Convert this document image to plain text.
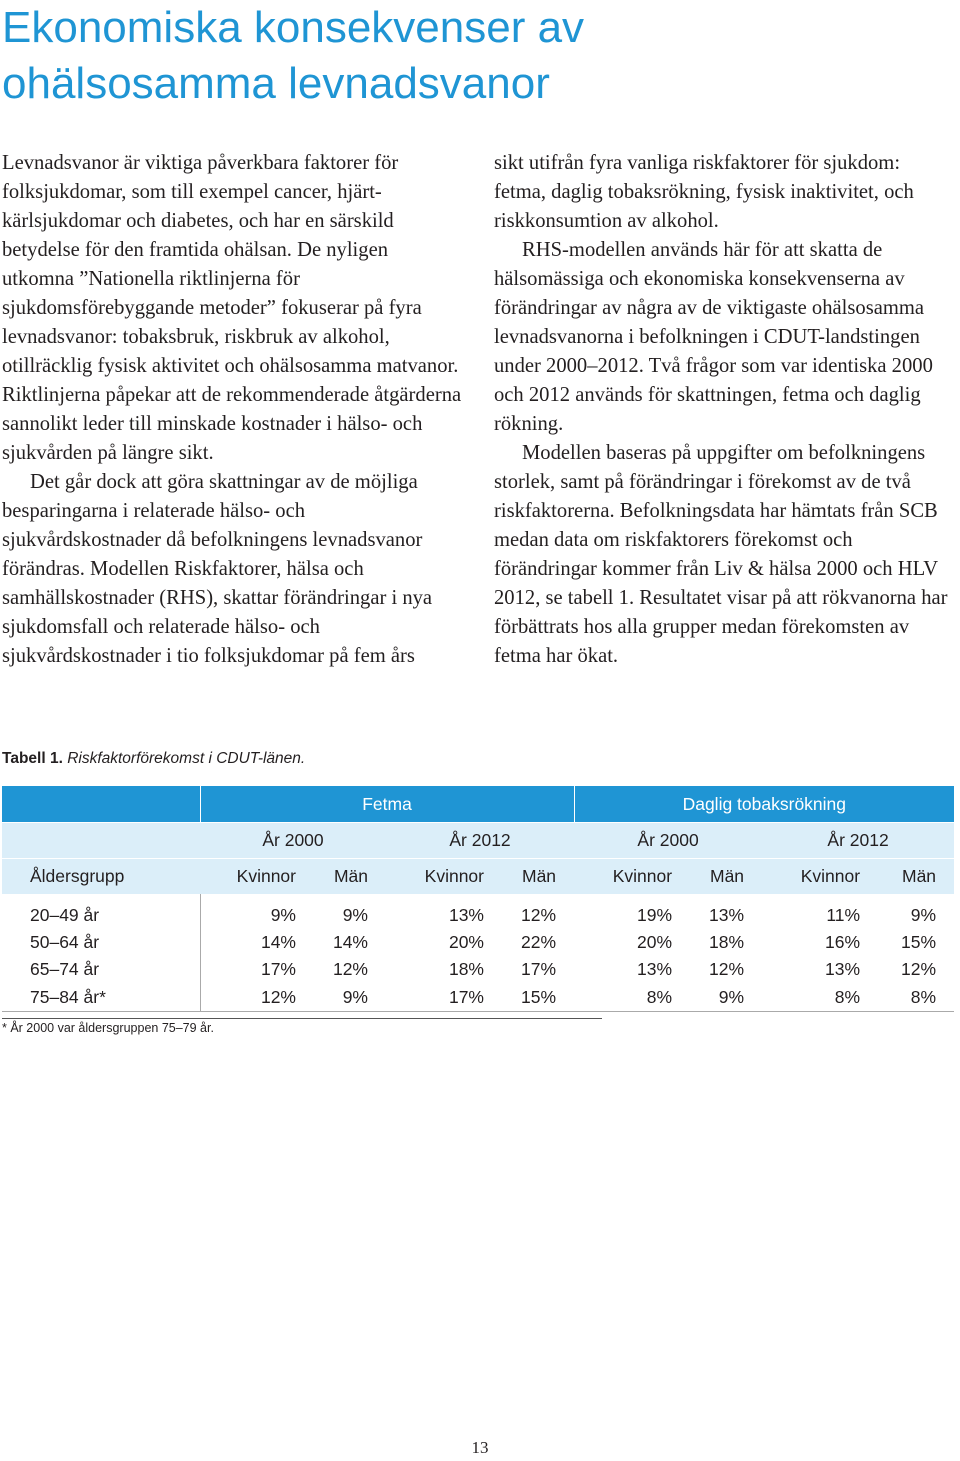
Ekonomiska konsekvenser av
ohälsosamma levnadsvanor

Levnadsvanor är viktiga påverkbara faktorer för folksjukdomar, som till exempel cancer, hjärt-kärlsjukdomar och diabetes, och har en särskild betydelse för den framtida ohälsan. De nyligen utkomna ”Nationella riktlinjerna för sjukdomsförebyggande metoder” fokuserar på fyra levnadsvanor: tobaksbruk, riskbruk av alkohol, otillräcklig fysisk aktivitet och ohälsosamma matvanor. Riktlinjerna påpekar att de rekommenderade åtgärderna sannolikt leder till minskade kostnader i hälso- och sjukvården på längre sikt.

Det går dock att göra skattningar av de möjliga besparingarna i relaterade hälso- och sjukvårdskostnader då befolkningens levnadsvanor förändras. Modellen Riskfaktorer, hälsa och samhällskostnader (RHS), skattar förändringar i nya sjukdomsfall och relaterade hälso- och sjukvårdskostnader i tio folksjukdomar på fem års

sikt utifrån fyra vanliga riskfaktorer för sjukdom: fetma, daglig tobaksrökning, fysisk inaktivitet, och riskkonsumtion av alkohol.

RHS-modellen används här för att skatta de hälsomässiga och ekonomiska konsekvenserna av förändringar av några av de viktigaste ohälsosamma levnadsvanorna i befolkningen i CDUT-landstingen under 2000–2012. Två frågor som var identiska 2000 och 2012 används för skattningen, fetma och daglig rökning.

Modellen baseras på uppgifter om befolkningens storlek, samt på förändringar i förekomst av de två riskfaktorerna. Befolkningsdata har hämtats från SCB medan data om riskfaktorers förekomst och förändringar kommer från Liv & hälsa 2000 och HLV 2012, se tabell 1. Resultatet visar på att rökvanorna har förbättrats hos alla grupper medan förekomsten av fetma har ökat.

Tabell 1. Riskfaktorförekomst i CDUT-länen.
	Fetma				Daglig tobaksrökning			
	År 2000		År 2012		År 2000		År 2012	
Åldersgrupp	Kvinnor	Män	Kvinnor	Män	Kvinnor	Män	Kvinnor	Män

20–49 år	9%	9%	13%	12%	19%	13%	11%	9%
50–64 år	14%	14%	20%	22%	20%	18%	16%	15%
65–74 år	17%	12%	18%	17%	13%	12%	13%	12%
75–84 år*	12%	9%	17%	15%	8%	9%	8%	8%
* År 2000 var åldersgruppen 75–79 år.
13
